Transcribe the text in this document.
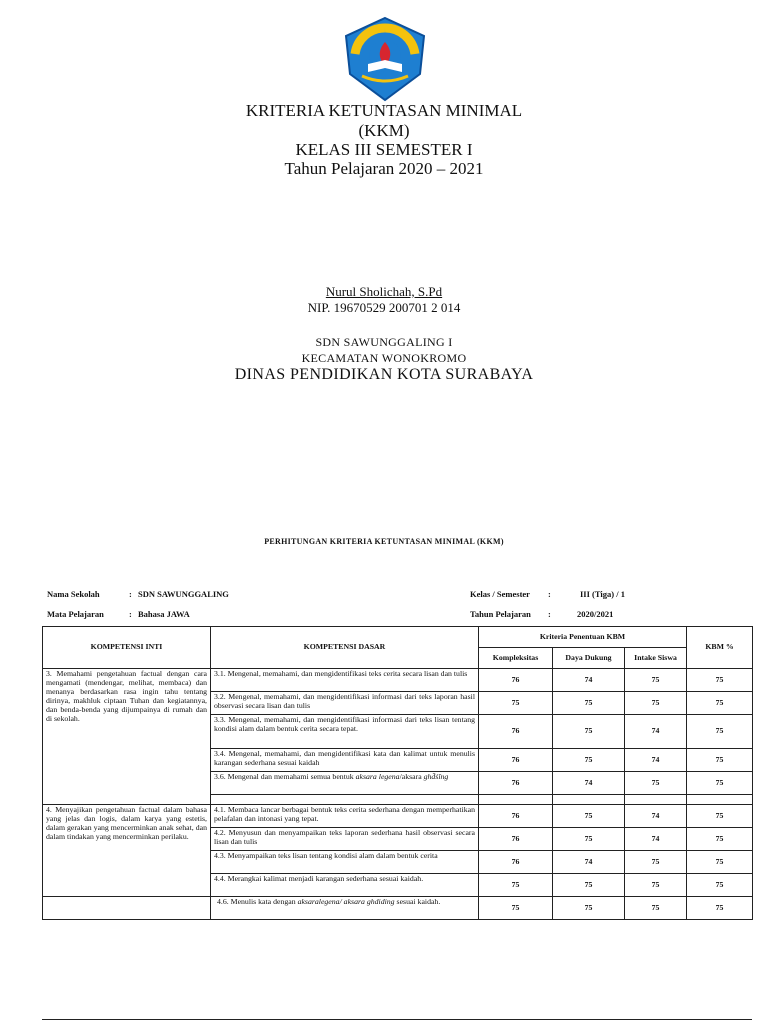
KRITERIA KETUNTASAN MINIMAL
(KKM)
KELAS III SEMESTER I
Tahun Pelajaran 2020 – 2021
Nurul Sholichah, S.Pd
NIP. 19670529 200701 2 014
SDN SAWUNGGALING I
KECAMATAN WONOKROMO
DINAS PENDIDIKAN KOTA SURABAYA
PERHITUNGAN KRITERIA KETUNTASAN MINIMAL (KKM)
Nama Sekolah	: SDN SAWUNGGALING
Mata Pelajaran	: Bahasa JAWA
Kelas / Semester :	III (Tiga) / 1
Tahun Pelajaran :	2020/2021
KOMPETENSI INTI	KOMPETENSI DASAR	Kriteria Penentuan KBM			KBM %
		Kompleksitas	Daya Dukung	Intake Siswa	
3. Memahami pengetahuan factual dengan cara mengamati (mendengar, melihat, membaca) dan menanya berdasarkan rasa ingin tahu tentang dirinya, makhluk ciptaan Tuhan dan kegiatannya, dan benda-benda yang dijumpainya di rumah dan di sekolah.	3.1. Mengenal, memahami, dan mengidentifikasi teks cerita secara lisan dan tulis	76	74	75	75
	3.2. Mengenal, memahami, dan mengidentifikasi informasi dari teks laporan hasil observasi secara lisan dan tulis	75	75	75	75
	3.3. Mengenal, memahami, dan mengidentifikasi informasi dari teks lisan tentang kondisi alam dalam bentuk cerita secara tepat.	76	75	74	75
	3.4. Mengenal, memahami, dan mengidentifikasi kata dan kalimat untuk menulis karangan sederhana sesuai kaidah	76	75	74	75
	3.6. Mengenal dan memahami semua bentuk aksara legena/aksara ghd̄ṡĩng	76	74	75	75

4. Menyajikan pengetahuan factual dalam bahasa yang jelas dan logis, dalam karya yang estetis, dalam gerakan yang mencerminkan anak sehat, dan dalam tindakan yang mencerminkan perilaku.	4.1. Membaca lancar berbagai bentuk teks cerita sederhana dengan memperhatikan pelafalan dan intonasi yang tepat.	76	75	74	75
	4.2. Menyusun dan menyampaikan teks laporan sederhana hasil observasi secara lisan dan tulis	76	75	74	75
	4.3. Menyampaikan teks lisan tentang kondisi alam dalam bentuk cerita	76	74	75	75
	4.4. Merangkai kalimat menjadi karangan sederhana sesuai kaidah.	75	75	75	75
	4.6. Menulis kata dengan aksaralegena/ aksara ghdiding sesuai kaidah.	75	75	75	75
